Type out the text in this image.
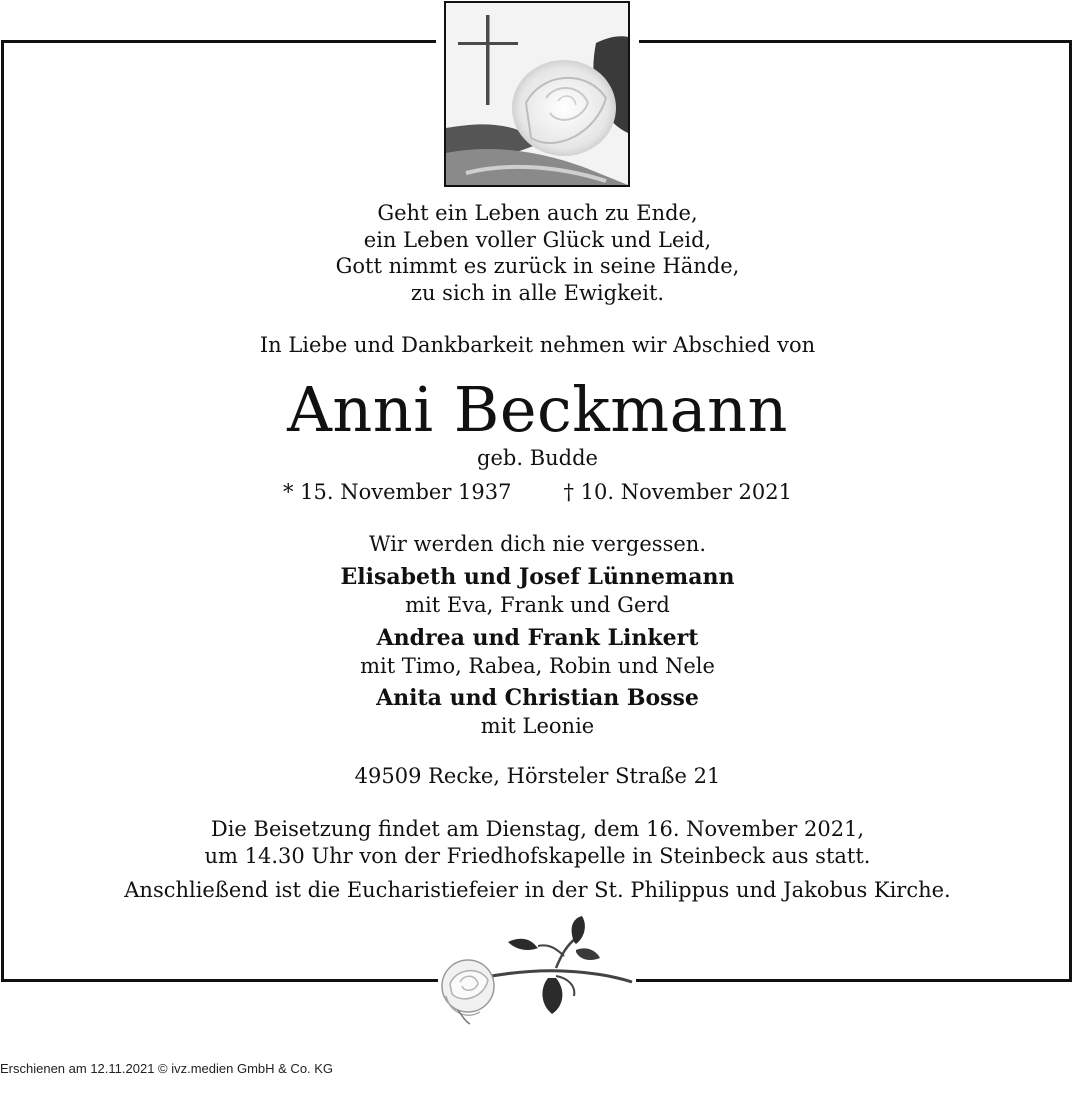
Geht ein Leben auch zu Ende,
ein Leben voller Glück und Leid,
Gott nimmt es zurück in seine Hände,
zu sich in alle Ewigkeit.
In Liebe und Dankbarkeit nehmen wir Abschied von
Anni Beckmann
geb. Budde
* 15. November 1937 † 10. November 2021
Wir werden dich nie vergessen.
Elisabeth und Josef Lünnemann
mit Eva, Frank und Gerd
Andrea und Frank Linkert
mit Timo, Rabea, Robin und Nele
Anita und Christian Bosse
mit Leonie
49509 Recke, Hörsteler Straße 21
Die Beisetzung findet am Dienstag, dem 16. November 2021,
um 14.30 Uhr von der Friedhofskapelle in Steinbeck aus statt.
Anschließend ist die Eucharistiefeier in der St. Philippus und Jakobus Kirche.
Erschienen am 12.11.2021 © ivz.medien GmbH & Co. KG
